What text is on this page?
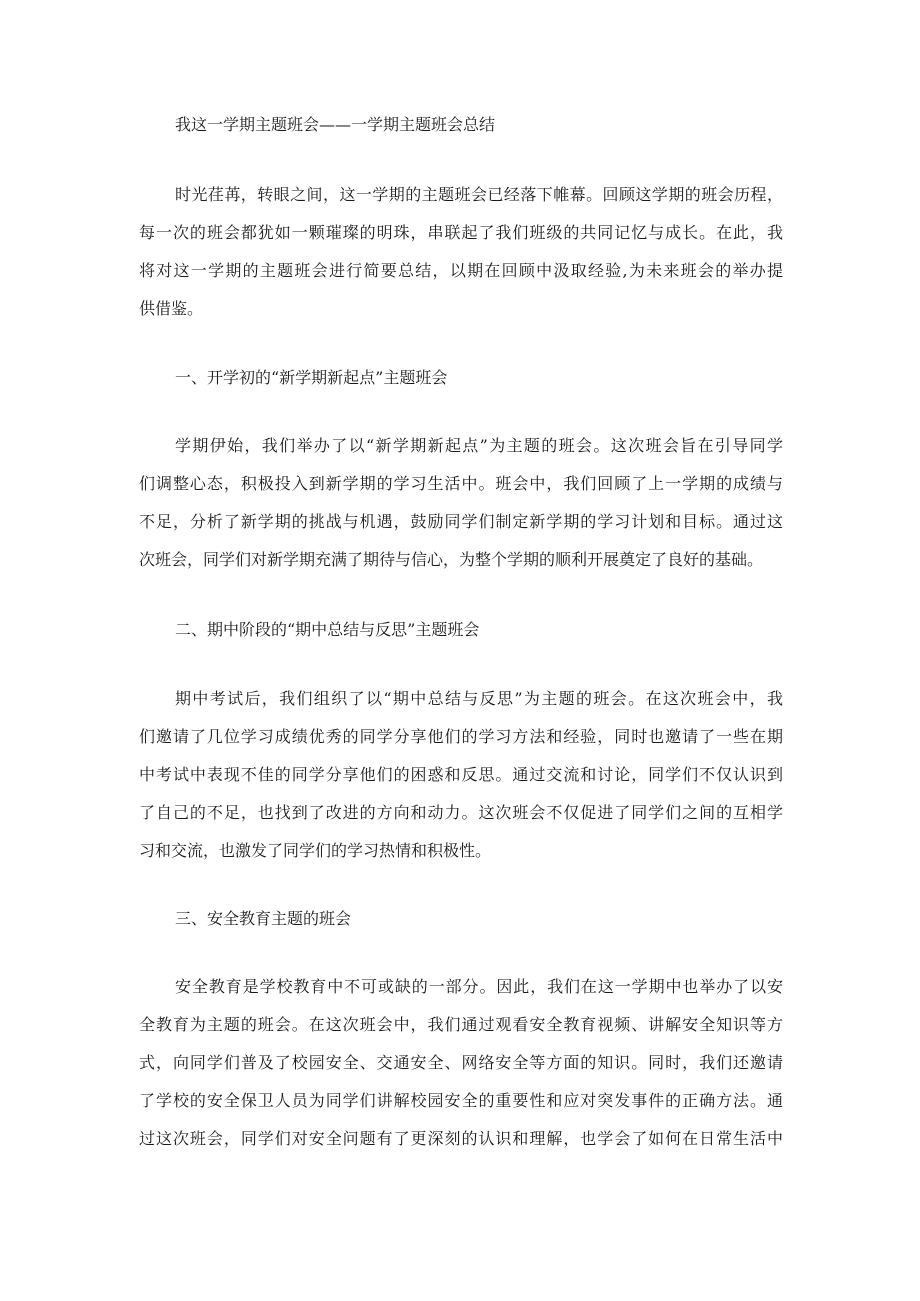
我这一学期主题班会——一学期主题班会总结
时光荏苒，转眼之间，这一学期的主题班会已经落下帷幕。回顾这学期的班会历程，
每一次的班会都犹如一颗璀璨的明珠，串联起了我们班级的共同记忆与成长。在此，我
将对这一学期的主题班会进行简要总结，以期在回顾中汲取经验,为未来班会的举办提
供借鉴。
一、开学初的“新学期新起点”主题班会
学期伊始，我们举办了以“新学期新起点”为主题的班会。这次班会旨在引导同学
们调整心态，积极投入到新学期的学习生活中。班会中，我们回顾了上一学期的成绩与
不足，分析了新学期的挑战与机遇，鼓励同学们制定新学期的学习计划和目标。通过这
次班会，同学们对新学期充满了期待与信心，为整个学期的顺利开展奠定了良好的基础。
二、期中阶段的“期中总结与反思”主题班会
期中考试后，我们组织了以“期中总结与反思”为主题的班会。在这次班会中，我
们邀请了几位学习成绩优秀的同学分享他们的学习方法和经验，同时也邀请了一些在期
中考试中表现不佳的同学分享他们的困惑和反思。通过交流和讨论，同学们不仅认识到
了自己的不足，也找到了改进的方向和动力。这次班会不仅促进了同学们之间的互相学
习和交流，也激发了同学们的学习热情和积极性。
三、安全教育主题的班会
安全教育是学校教育中不可或缺的一部分。因此，我们在这一学期中也举办了以安
全教育为主题的班会。在这次班会中，我们通过观看安全教育视频、讲解安全知识等方
式，向同学们普及了校园安全、交通安全、网络安全等方面的知识。同时，我们还邀请
了学校的安全保卫人员为同学们讲解校园安全的重要性和应对突发事件的正确方法。通
过这次班会，同学们对安全问题有了更深刻的认识和理解，也学会了如何在日常生活中
